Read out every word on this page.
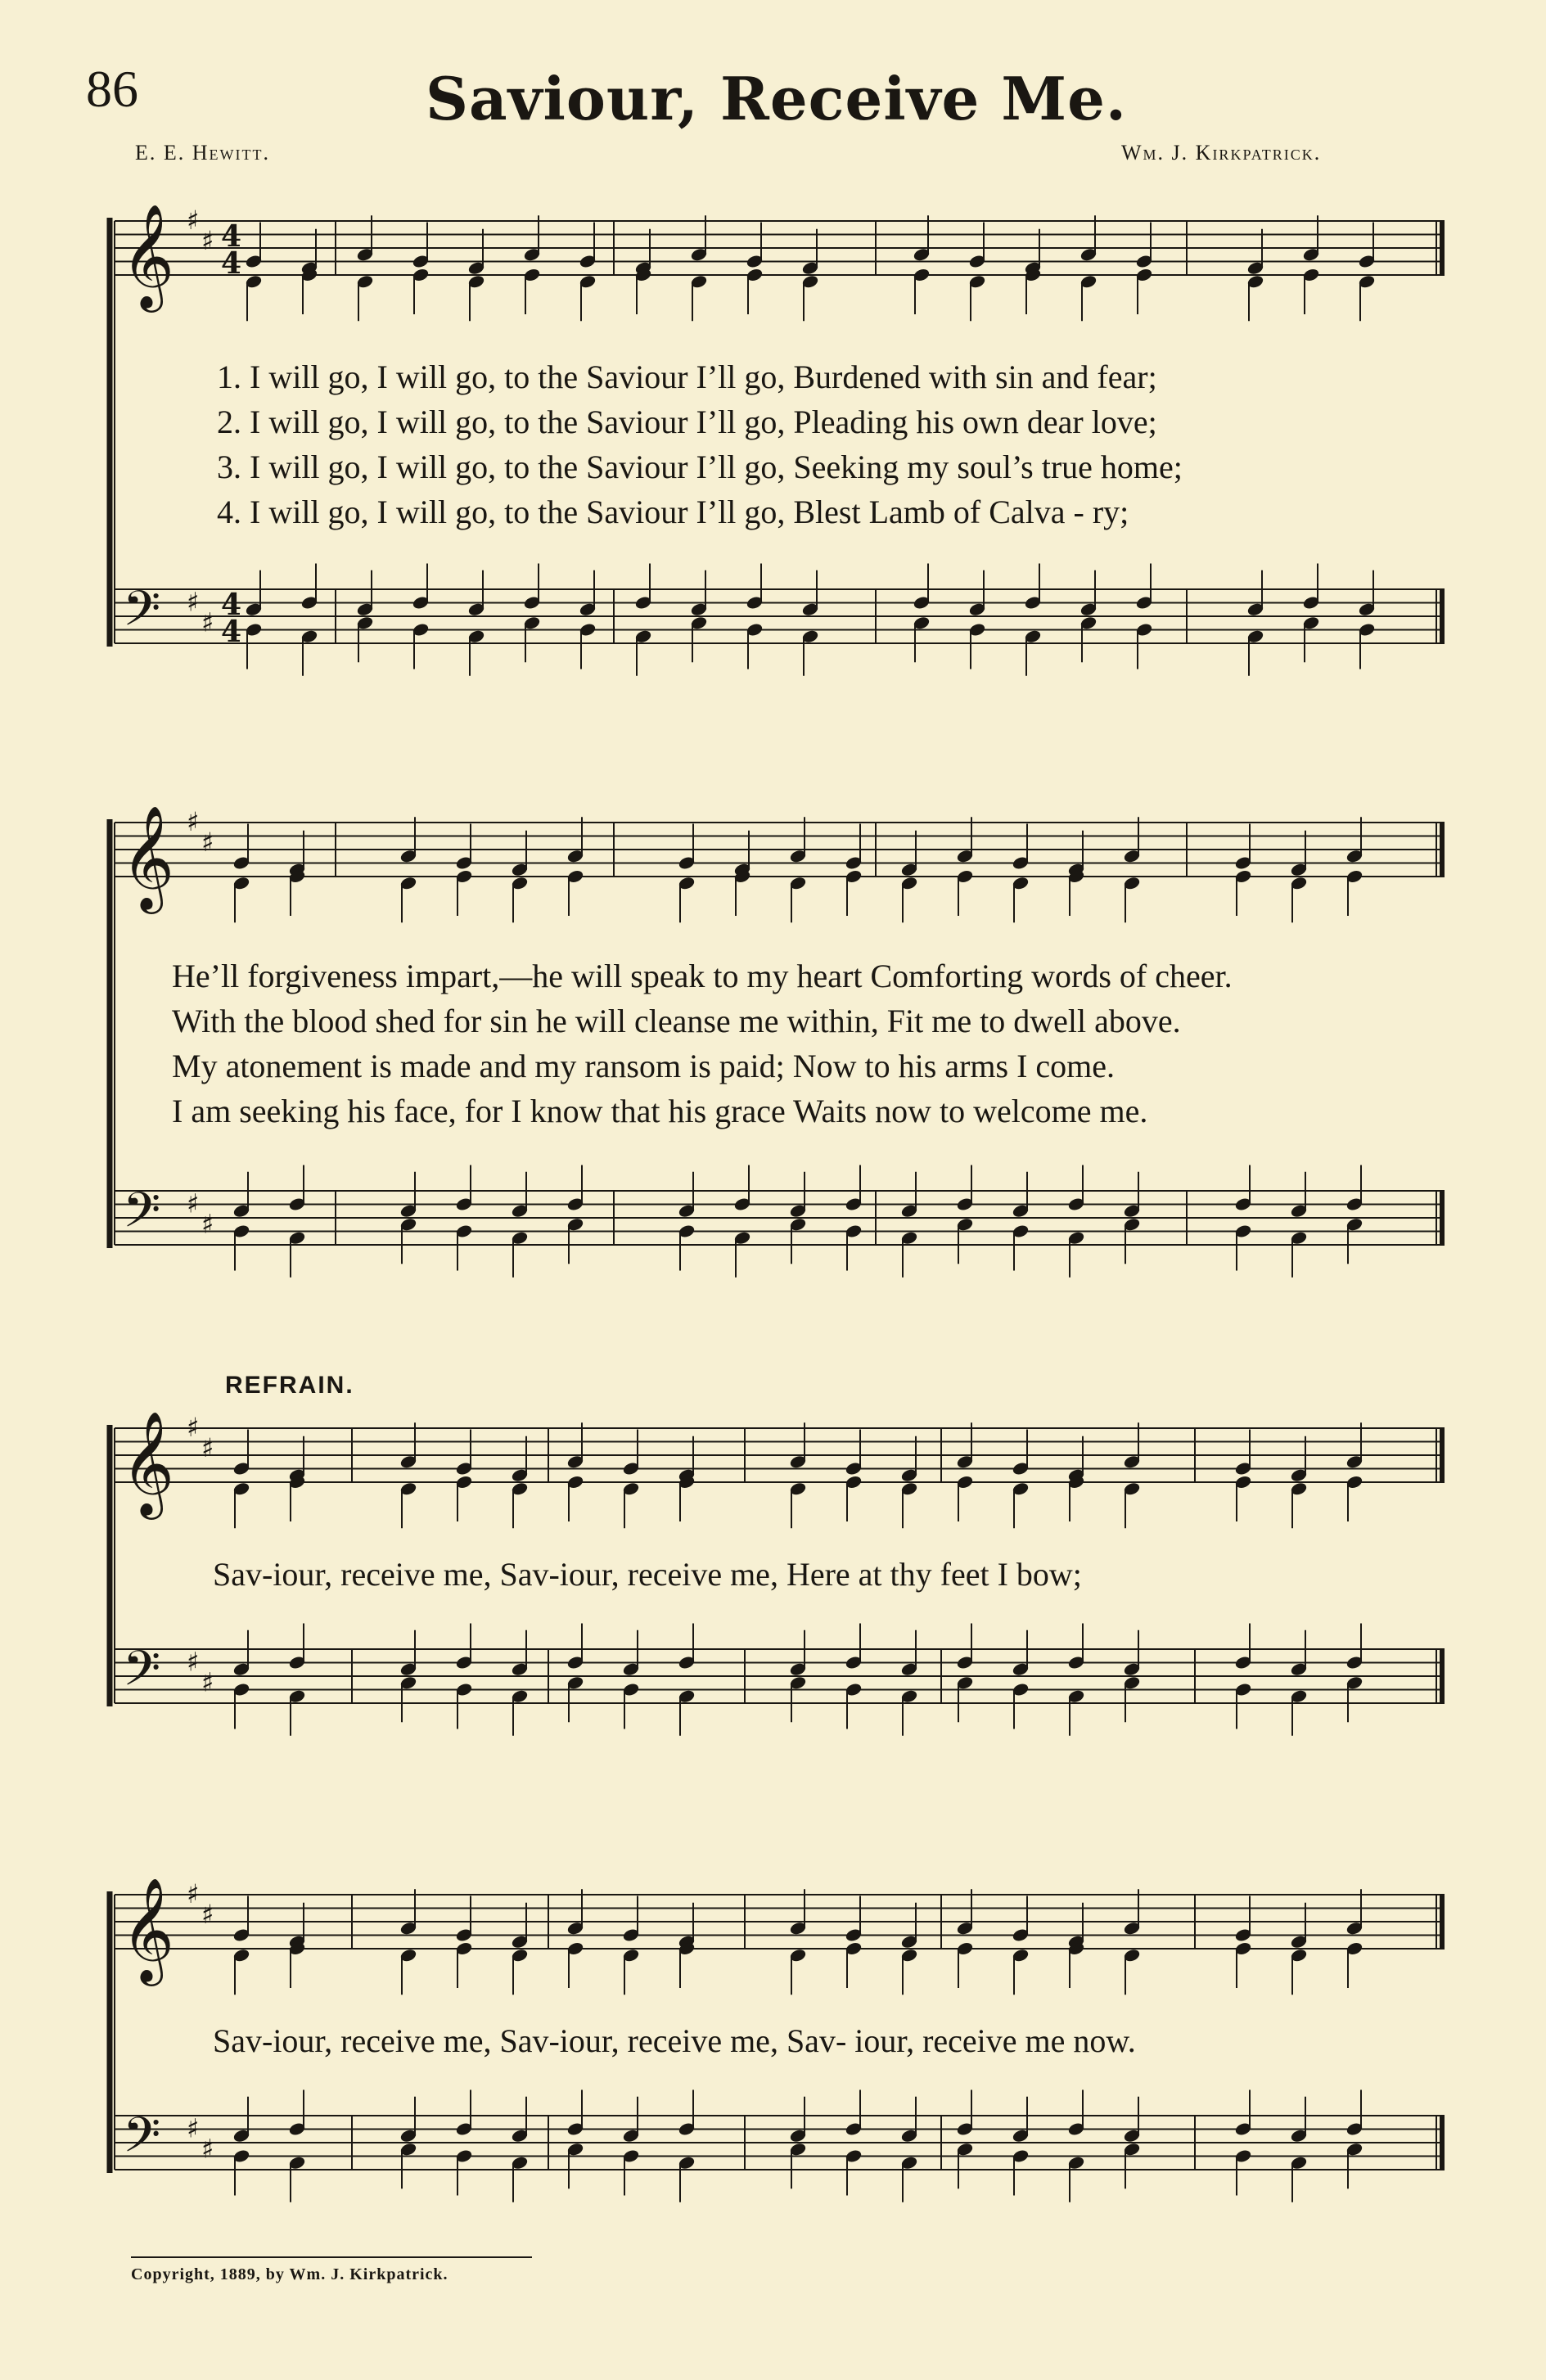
86	Saviour, Receive Me.
E. E. Hewitt.	Wm. J. Kirkpatrick.
𝄞
𝄢
♯
♯
♯
♯
4
4
4
4
1. I will go, I will go, to the Saviour I’ll go, Burdened with sin and fear;
2. I will go, I will go, to the Saviour I’ll go, Pleading his own dear love;
3. I will go, I will go, to the Saviour I’ll go, Seeking my soul’s true home;
4. I will go, I will go, to the Saviour I’ll go, Blest Lamb of Calva - ry;
𝄞
𝄢
♯
♯
♯
♯
He’ll forgiveness impart,—he will speak to my heart Comforting words of cheer.
With the blood shed for sin he will cleanse me within, Fit me to dwell above.
My atonement is made and my ransom is paid; Now to his arms I come.
I am seeking his face, for I know that his grace Waits now to welcome me.
REFRAIN.
𝄞
𝄢
♯
♯
♯
♯
Sav-iour, receive me, Sav-iour, receive me, Here at thy feet I bow;
𝄞
𝄢
♯
♯
♯
♯
Sav-iour, receive me, Sav-iour, receive me, Sav- iour, receive me now.
Copyright, 1889, by Wm. J. Kirkpatrick.
